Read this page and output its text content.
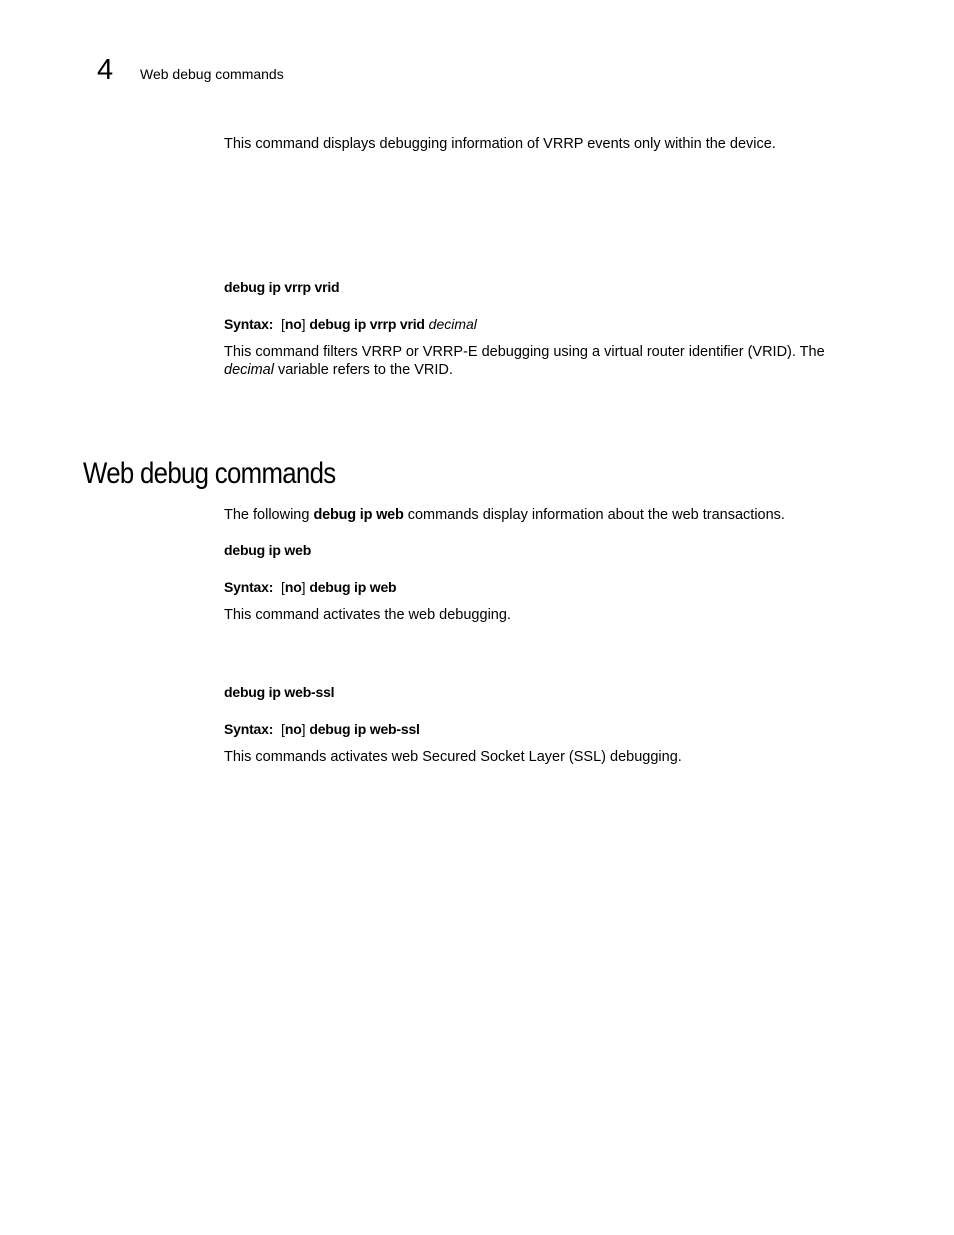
4 Web debug commands

This command displays debugging information of VRRP events only within the device.

debug ip vrrp vrid
Syntax: [no] debug ip vrrp vrid decimal
This command filters VRRP or VRRP-E debugging using a virtual router identifier (VRID). The
decimal variable refers to the VRID.
Web debug commands
The following debug ip web commands display information about the web transactions.
debug ip web
Syntax: [no] debug ip web
This command activates the web debugging.
debug ip web-ssl
Syntax: [no] debug ip web-ssl
This commands activates web Secured Socket Layer (SSL) debugging.
